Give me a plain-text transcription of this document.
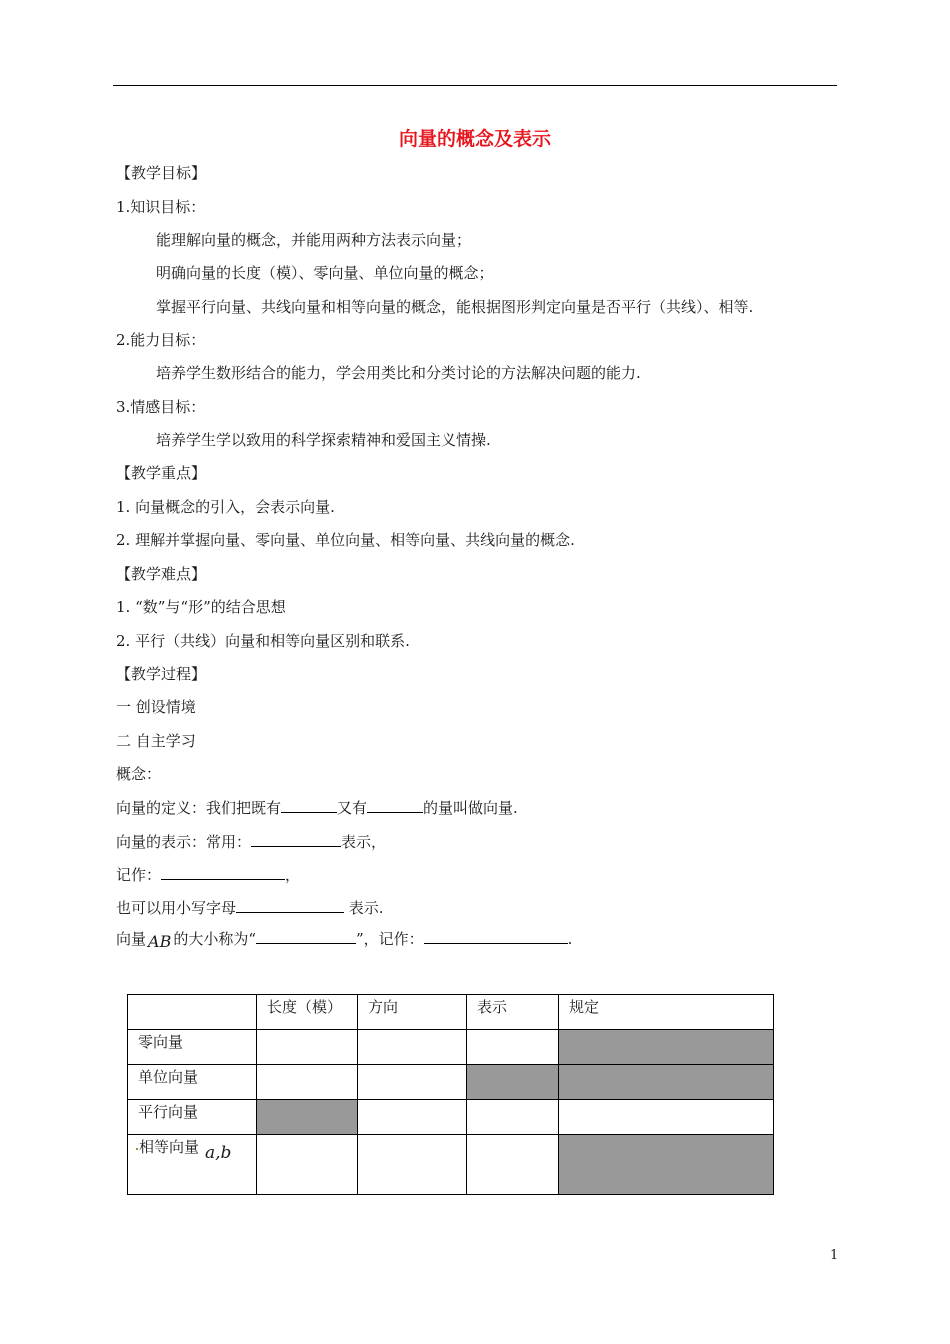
向量的概念及表示
【教学目标】
1.知识目标：
能理解向量的概念，并能用两种方法表示向量；
明确向量的长度（模）、零向量、单位向量的概念；
掌握平行向量、共线向量和相等向量的概念，能根据图形判定向量是否平行（共线）、相等.
2.能力目标：
培养学生数形结合的能力，学会用类比和分类讨论的方法解决问题的能力.
3.情感目标：
培养学生学以致用的科学探索精神和爱国主义情操.
【教学重点】
1. 向量概念的引入，会表示向量.
2. 理解并掌握向量、零向量、单位向量、相等向量、共线向量的概念.
【教学难点】
1. “数”与“形”的结合思想
2. 平行（共线）向量和相等向量区别和联系.
【教学过程】
一 创设情境
二 自主学习
概念：
向量的定义：我们把既有	又有	的量叫做向量.
向量的表示：常用：	表示，
记作：	，
也可以用小写字母	表示.
向量 AB 的大小称为“	”，记作：	.
	长度（模）	方向	表示	规定
零向量				
单位向量				
平行向量				
相等向量 a,b				
1
